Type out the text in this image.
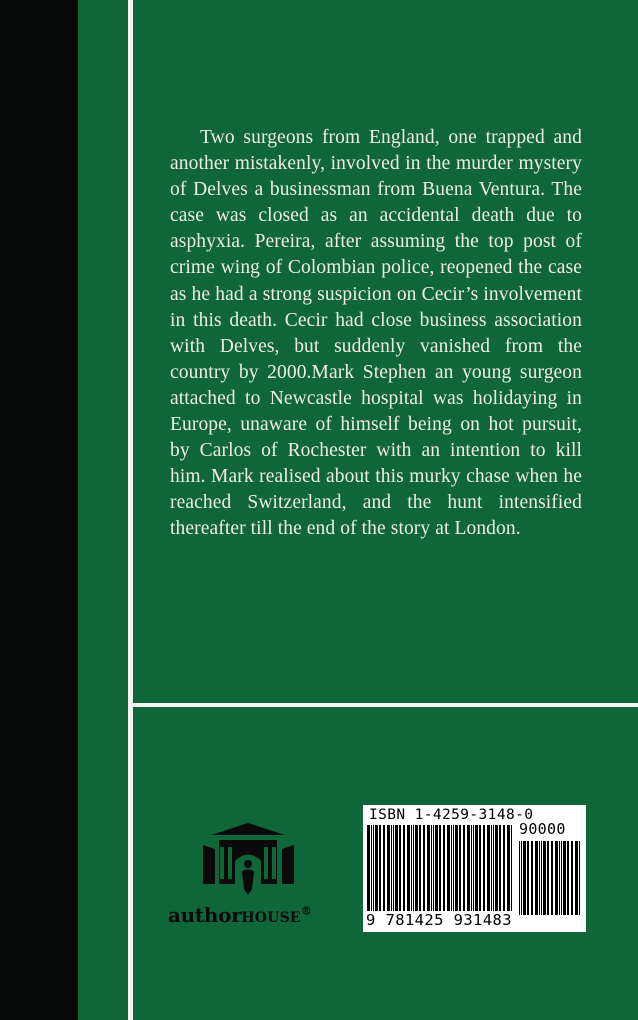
Two surgeons from England, one trapped and another mistakenly, involved in the murder mystery of Delves a businessman from Buena Ventura. The case was closed as an accidental death due to asphyxia. Pereira, after assuming the top post of crime wing of Colombian police, reopened the case as he had a strong suspicion on Cecir’s involvement in this death. Cecir had close business association with Delves, but suddenly vanished from the country by 2000.Mark Stephen an young surgeon attached to Newcastle hospital was holidaying in Europe, unaware of himself being on hot pursuit, by Carlos of Rochester with an intention to kill him. Mark realised about this murky chase when he reached Switzerland, and the hunt intensified thereafter till the end of the story at London.

authorHOUSE®
ISBN 1-4259-3148-0
90000
9 781425 931483
